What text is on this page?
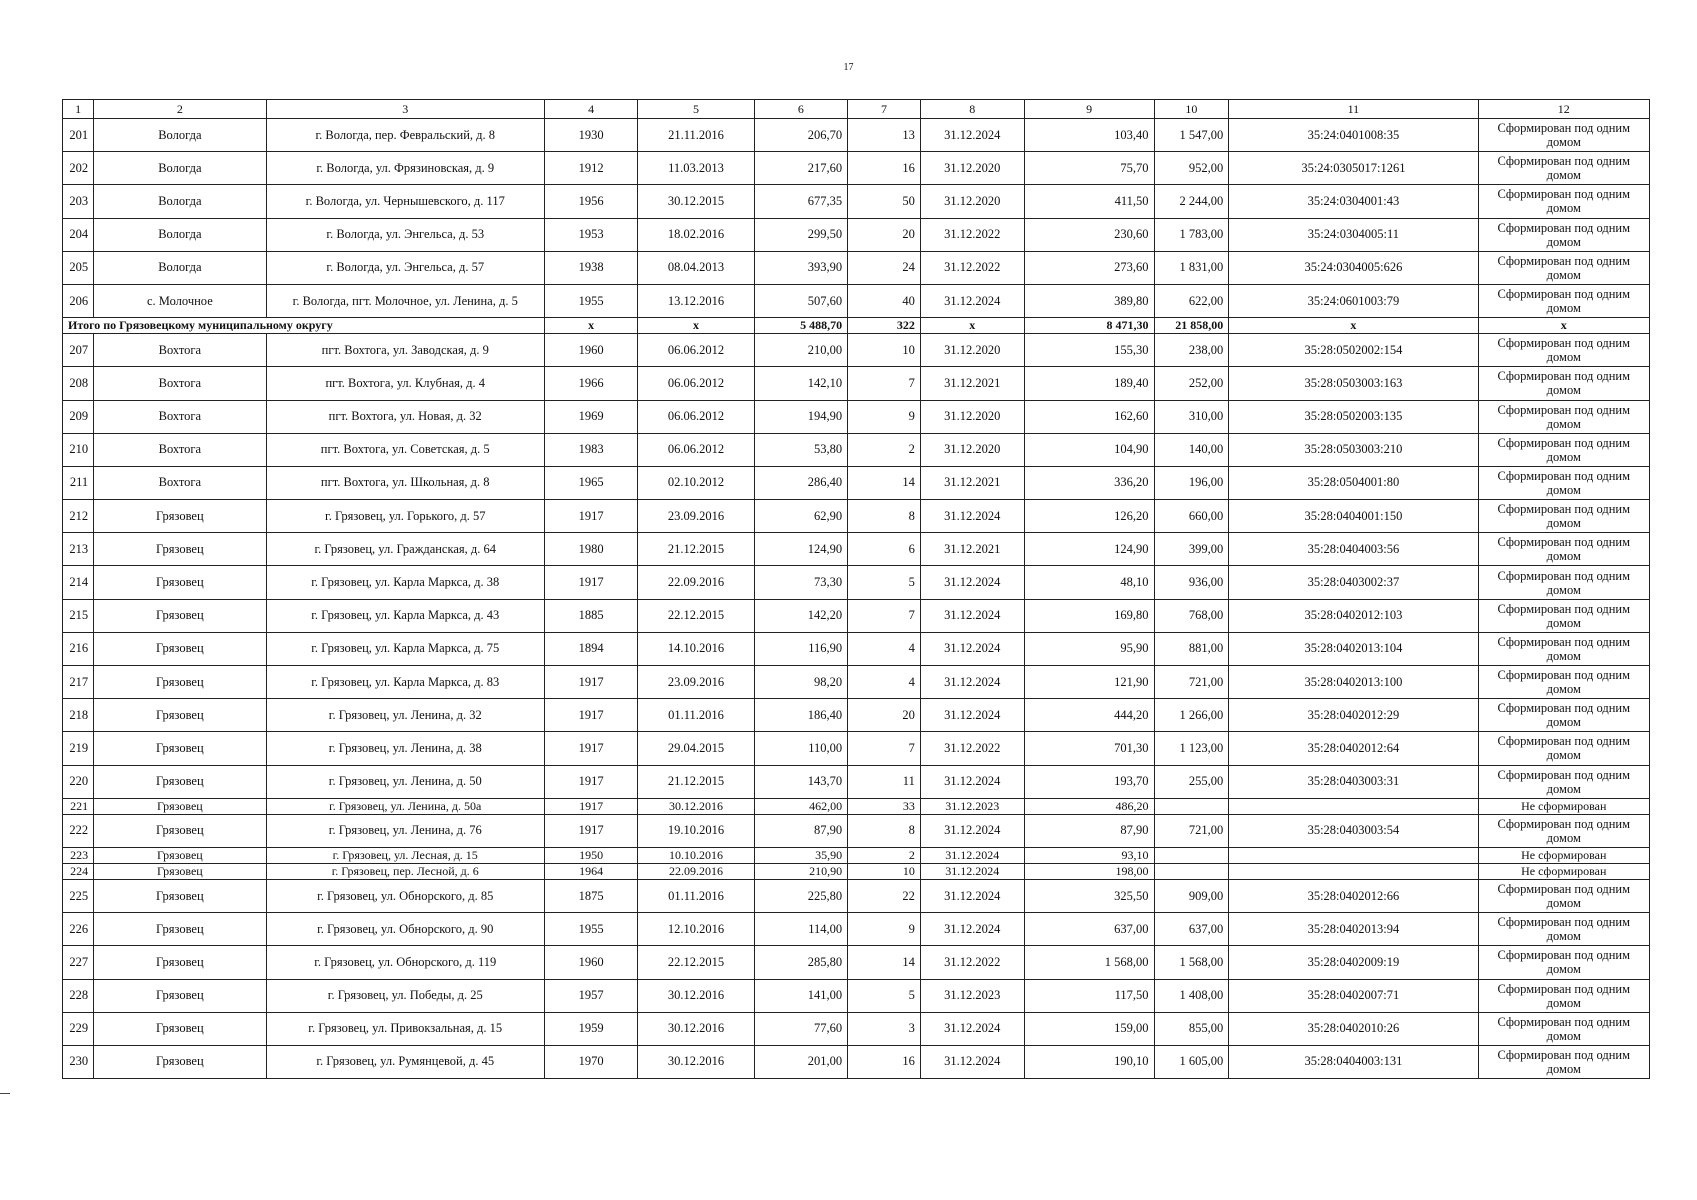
17
1	2	3	4	5	6	7	8	9	10	11	12
201	Вологда	г. Вологда, пер. Февральский, д. 8	1930	21.11.2016	206,70	13	31.12.2024	103,40	1 547,00	35:24:0401008:35	Сформирован под одним домом
202	Вологда	г. Вологда, ул. Фрязиновская, д. 9	1912	11.03.2013	217,60	16	31.12.2020	75,70	952,00	35:24:0305017:1261	Сформирован под одним домом
203	Вологда	г. Вологда, ул. Чернышевского, д. 117	1956	30.12.2015	677,35	50	31.12.2020	411,50	2 244,00	35:24:0304001:43	Сформирован под одним домом
204	Вологда	г. Вологда, ул. Энгельса, д. 53	1953	18.02.2016	299,50	20	31.12.2022	230,60	1 783,00	35:24:0304005:11	Сформирован под одним домом
205	Вологда	г. Вологда, ул. Энгельса, д. 57	1938	08.04.2013	393,90	24	31.12.2022	273,60	1 831,00	35:24:0304005:626	Сформирован под одним домом
206	с. Молочное	г. Вологда, пгт. Молочное, ул. Ленина, д. 5	1955	13.12.2016	507,60	40	31.12.2024	389,80	622,00	35:24:0601003:79	Сформирован под одним домом
Итого по Грязовецкому муниципальному округу			x	x	5 488,70	322	x	8 471,30	21 858,00	x	x
207	Вохтога	пгт. Вохтога, ул. Заводская, д. 9	1960	06.06.2012	210,00	10	31.12.2020	155,30	238,00	35:28:0502002:154	Сформирован под одним домом
208	Вохтога	пгт. Вохтога, ул. Клубная, д. 4	1966	06.06.2012	142,10	7	31.12.2021	189,40	252,00	35:28:0503003:163	Сформирован под одним домом
209	Вохтога	пгт. Вохтога, ул. Новая, д. 32	1969	06.06.2012	194,90	9	31.12.2020	162,60	310,00	35:28:0502003:135	Сформирован под одним домом
210	Вохтога	пгт. Вохтога, ул. Советская, д. 5	1983	06.06.2012	53,80	2	31.12.2020	104,90	140,00	35:28:0503003:210	Сформирован под одним домом
211	Вохтога	пгт. Вохтога, ул. Школьная, д. 8	1965	02.10.2012	286,40	14	31.12.2021	336,20	196,00	35:28:0504001:80	Сформирован под одним домом
212	Грязовец	г. Грязовец, ул. Горького, д. 57	1917	23.09.2016	62,90	8	31.12.2024	126,20	660,00	35:28:0404001:150	Сформирован под одним домом
213	Грязовец	г. Грязовец, ул. Гражданская, д. 64	1980	21.12.2015	124,90	6	31.12.2021	124,90	399,00	35:28:0404003:56	Сформирован под одним домом
214	Грязовец	г. Грязовец, ул. Карла Маркса, д. 38	1917	22.09.2016	73,30	5	31.12.2024	48,10	936,00	35:28:0403002:37	Сформирован под одним домом
215	Грязовец	г. Грязовец, ул. Карла Маркса, д. 43	1885	22.12.2015	142,20	7	31.12.2024	169,80	768,00	35:28:0402012:103	Сформирован под одним домом
216	Грязовец	г. Грязовец, ул. Карла Маркса, д. 75	1894	14.10.2016	116,90	4	31.12.2024	95,90	881,00	35:28:0402013:104	Сформирован под одним домом
217	Грязовец	г. Грязовец, ул. Карла Маркса, д. 83	1917	23.09.2016	98,20	4	31.12.2024	121,90	721,00	35:28:0402013:100	Сформирован под одним домом
218	Грязовец	г. Грязовец, ул. Ленина, д. 32	1917	01.11.2016	186,40	20	31.12.2024	444,20	1 266,00	35:28:0402012:29	Сформирован под одним домом
219	Грязовец	г. Грязовец, ул. Ленина, д. 38	1917	29.04.2015	110,00	7	31.12.2022	701,30	1 123,00	35:28:0402012:64	Сформирован под одним домом
220	Грязовец	г. Грязовец, ул. Ленина, д. 50	1917	21.12.2015	143,70	11	31.12.2024	193,70	255,00	35:28:0403003:31	Сформирован под одним домом
221	Грязовец	г. Грязовец, ул. Ленина, д. 50а	1917	30.12.2016	462,00	33	31.12.2023	486,20			Не сформирован
222	Грязовец	г. Грязовец, ул. Ленина, д. 76	1917	19.10.2016	87,90	8	31.12.2024	87,90	721,00	35:28:0403003:54	Сформирован под одним домом
223	Грязовец	г. Грязовец, ул. Лесная, д. 15	1950	10.10.2016	35,90	2	31.12.2024	93,10			Не сформирован
224	Грязовец	г. Грязовец, пер. Лесной, д. 6	1964	22.09.2016	210,90	10	31.12.2024	198,00			Не сформирован
225	Грязовец	г. Грязовец, ул. Обнорского, д. 85	1875	01.11.2016	225,80	22	31.12.2024	325,50	909,00	35:28:0402012:66	Сформирован под одним домом
226	Грязовец	г. Грязовец, ул. Обнорского, д. 90	1955	12.10.2016	114,00	9	31.12.2024	637,00	637,00	35:28:0402013:94	Сформирован под одним домом
227	Грязовец	г. Грязовец, ул. Обнорского, д. 119	1960	22.12.2015	285,80	14	31.12.2022	1 568,00	1 568,00	35:28:0402009:19	Сформирован под одним домом
228	Грязовец	г. Грязовец, ул. Победы, д. 25	1957	30.12.2016	141,00	5	31.12.2023	117,50	1 408,00	35:28:0402007:71	Сформирован под одним домом
229	Грязовец	г. Грязовец, ул. Привокзальная, д. 15	1959	30.12.2016	77,60	3	31.12.2024	159,00	855,00	35:28:0402010:26	Сформирован под одним домом
230	Грязовец	г. Грязовец, ул. Румянцевой, д. 45	1970	30.12.2016	201,00	16	31.12.2024	190,10	1 605,00	35:28:0404003:131	Сформирован под одним домом
